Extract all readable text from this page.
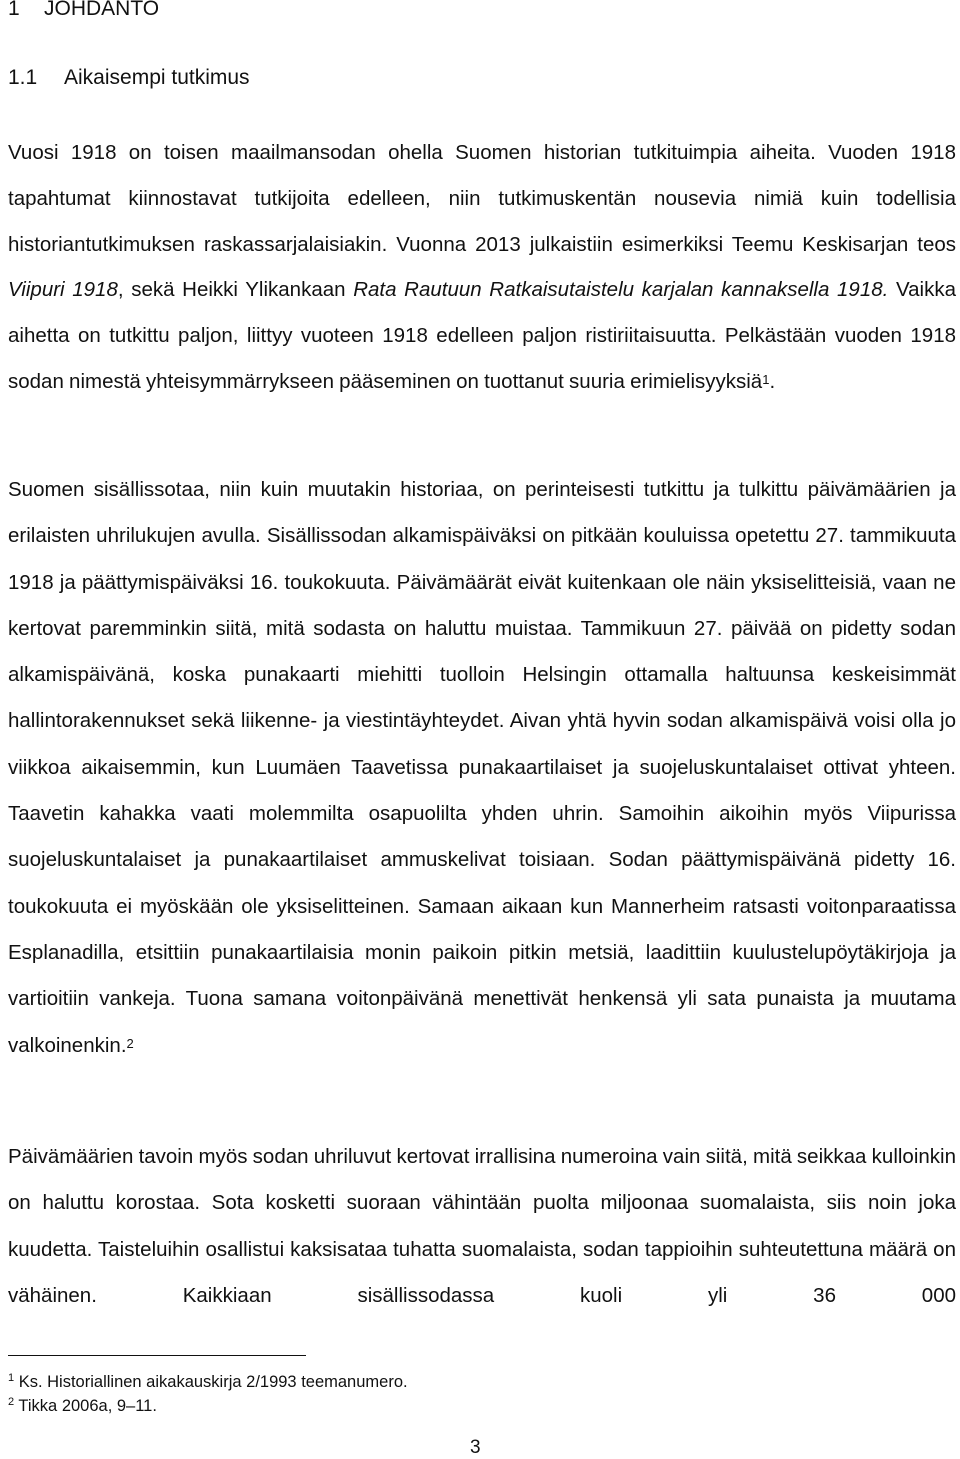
1 JOHDANTO
1.1 Aikaisempi tutkimus

Vuosi 1918 on toisen maailmansodan ohella Suomen historian tutkituimpia aiheita. Vuoden 1918 tapahtumat kiinnostavat tutkijoita edelleen, niin tutkimuskentän nousevia nimiä kuin todellisia historiantutkimuksen raskassarjalaisiakin. Vuonna 2013 julkaistiin esimerkiksi Teemu Keskisarjan teos Viipuri 1918, sekä Heikki Ylikankaan Rata Rautuun Ratkaisutaistelu karjalan kannaksella 1918. Vaikka aihetta on tutkittu paljon, liittyy vuoteen 1918 edelleen paljon ristiriitaisuutta. Pelkästään vuoden 1918 sodan nimestä yhteisymmärrykseen pääseminen on tuottanut suuria erimielisyyksiä$^1$.

Suomen sisällissotaa, niin kuin muutakin historiaa, on perinteisesti tutkittu ja tulkittu päivämäärien ja erilaisten uhrilukujen avulla. Sisällissodan alkamispäiväksi on pitkään kouluissa opetettu 27. tammikuuta 1918 ja päättymispäiväksi 16. toukokuuta. Päivämäärät eivät kuitenkaan ole näin yksiselitteisiä, vaan ne kertovat paremminkin siitä, mitä sodasta on haluttu muistaa. Tammikuun 27. päivää on pidetty sodan alkamispäivänä, koska punakaarti miehitti tuolloin Helsingin ottamalla haltuunsa keskeisimmät hallintorakennukset sekä liikenne- ja viestintäyhteydet. Aivan yhtä hyvin sodan alkamispäivä voisi olla jo viikkoa aikaisemmin, kun Luumäen Taavetissa punakaartilaiset ja suojeluskuntalaiset ottivat yhteen. Taavetin kahakka vaati molemmilta osapuolilta yhden uhrin. Samoihin aikoihin myös Viipurissa suojeluskuntalaiset ja punakaartilaiset ammuskelivat toisiaan. Sodan päättymispäivänä pidetty 16. toukokuuta ei myöskään ole yksiselitteinen. Samaan aikaan kun Mannerheim ratsasti voitonparaatissa Esplanadilla, etsittiin punakaartilaisia monin paikoin pitkin metsiä, laadittiin kuulustelupöytäkirjoja ja vartioitiin vankeja. Tuona samana voitonpäivänä menettivät henkensä yli sata punaista ja muutama valkoinenkin.$^2$

Päivämäärien tavoin myös sodan uhriluvut kertovat irrallisina numeroina vain siitä, mitä seikkaa kulloinkin on haluttu korostaa. Sota kosketti suoraan vähintään puolta miljoonaa suomalaista, siis noin joka kuudetta. Taisteluihin osallistui kaksisataa tuhatta suomalaista, sodan tappioihin suhteutettuna määrä on vähäinen. Kaikkiaan sisällissodassa kuoli yli 36 000

$^1$ Ks. Historiallinen aikakauskirja 2/1993 teemanumero.
$^2$ Tikka 2006a, 9–11.
3
